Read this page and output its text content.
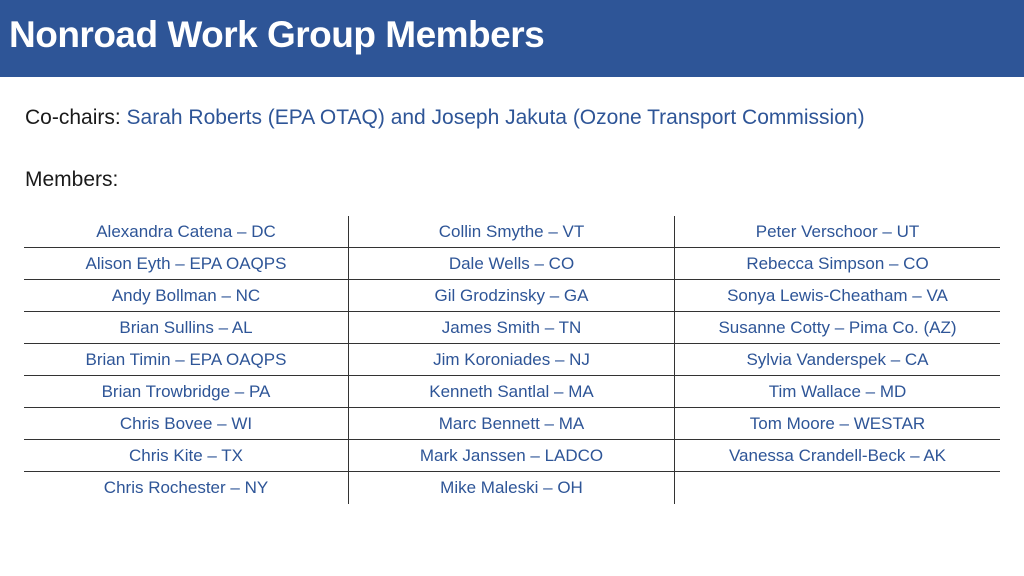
Nonroad Work Group Members
Co-chairs: Sarah Roberts (EPA OTAQ) and Joseph Jakuta (Ozone Transport Commission)
Members:
Alexandra Catena – DC	Collin Smythe – VT	Peter Verschoor – UT
Alison Eyth – EPA OAQPS	Dale Wells – CO	Rebecca Simpson – CO
Andy Bollman – NC	Gil Grodzinsky – GA	Sonya Lewis-Cheatham – VA
Brian Sullins – AL	James Smith – TN	Susanne Cotty – Pima Co. (AZ)
Brian Timin – EPA OAQPS	Jim Koroniades – NJ	Sylvia Vanderspek – CA
Brian Trowbridge – PA	Kenneth Santlal – MA	Tim Wallace – MD
Chris Bovee – WI	Marc Bennett – MA	Tom Moore – WESTAR
Chris Kite – TX	Mark Janssen – LADCO	Vanessa Crandell-Beck – AK
Chris Rochester – NY	Mike Maleski – OH
